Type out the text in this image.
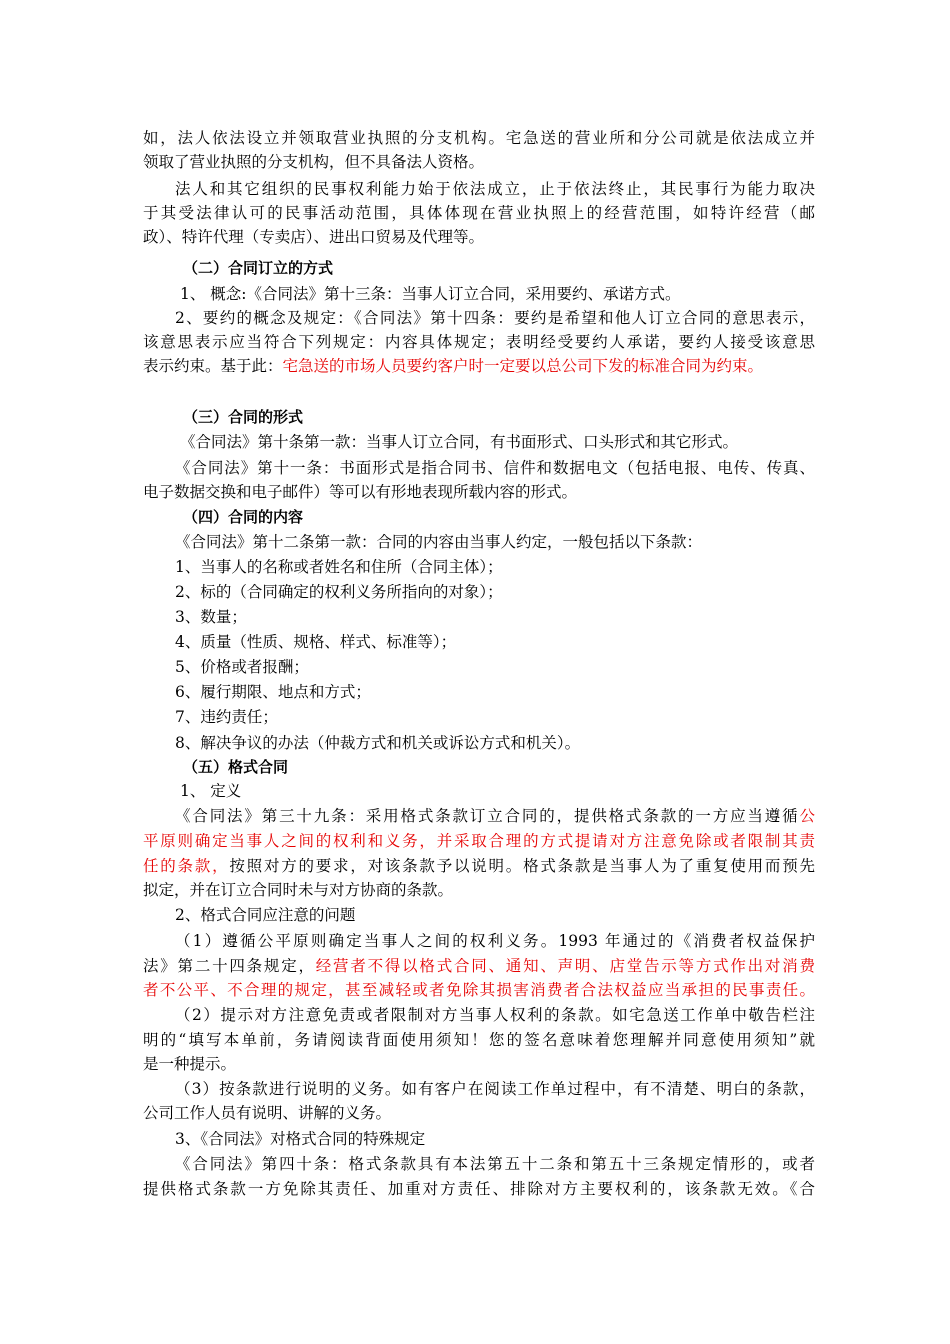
如，法人依法设立并领取营业执照的分支机构。宅急送的营业所和分公司就是依法成立并
领取了营业执照的分支机构，但不具备法人资格。
法人和其它组织的民事权利能力始于依法成立，止于依法终止，其民事行为能力取决
于其受法律认可的民事活动范围，具体体现在营业执照上的经营范围，如特许经营（邮
政）、特许代理（专卖店）、进出口贸易及代理等。
（二）合同订立的方式
1、 概念:《合同法》第十三条：当事人订立合同，采用要约、承诺方式。
2、要约的概念及规定：《合同法》第十四条：要约是希望和他人订立合同的意思表示，
该意思表示应当符合下列规定：内容具体规定；表明经受要约人承诺，要约人接受该意思
表示约束。基于此：宅急送的市场人员要约客户时一定要以总公司下发的标准合同为约束。
（三）合同的形式
《合同法》第十条第一款：当事人订立合同，有书面形式、口头形式和其它形式。
《合同法》第十一条：书面形式是指合同书、信件和数据电文（包括电报、电传、传真、
电子数据交换和电子邮件）等可以有形地表现所载内容的形式。
（四）合同的内容
《合同法》第十二条第一款：合同的内容由当事人约定，一般包括以下条款：
1、当事人的名称或者姓名和住所（合同主体）；
2、标的（合同确定的权利义务所指向的对象）；
3、数量；
4、质量（性质、规格、样式、标准等）；
5、价格或者报酬；
6、履行期限、地点和方式；
7、违约责任；
8、解决争议的办法（仲裁方式和机关或诉讼方式和机关）。
（五）格式合同
1、 定义
《合同法》第三十九条：采用格式条款订立合同的，提供格式条款的一方应当遵循公
平原则确定当事人之间的权利和义务，并采取合理的方式提请对方注意免除或者限制其责
任的条款，按照对方的要求，对该条款予以说明。格式条款是当事人为了重复使用而预先
拟定，并在订立合同时未与对方协商的条款。
2、格式合同应注意的问题
（1）遵循公平原则确定当事人之间的权利义务。1993 年通过的《消费者权益保护
法》第二十四条规定，经营者不得以格式合同、通知、声明、店堂告示等方式作出对消费
者不公平、不合理的规定，甚至减轻或者免除其损害消费者合法权益应当承担的民事责任。
（2）提示对方注意免责或者限制对方当事人权利的条款。如宅急送工作单中敬告栏注
明的“填写本单前，务请阅读背面使用须知！您的签名意味着您理解并同意使用须知”就
是一种提示。
（3）按条款进行说明的义务。如有客户在阅读工作单过程中，有不清楚、明白的条款，
公司工作人员有说明、讲解的义务。
3、《合同法》对格式合同的特殊规定
《合同法》第四十条：格式条款具有本法第五十二条和第五十三条规定情形的，或者
提供格式条款一方免除其责任、加重对方责任、排除对方主要权利的，该条款无效。《合
